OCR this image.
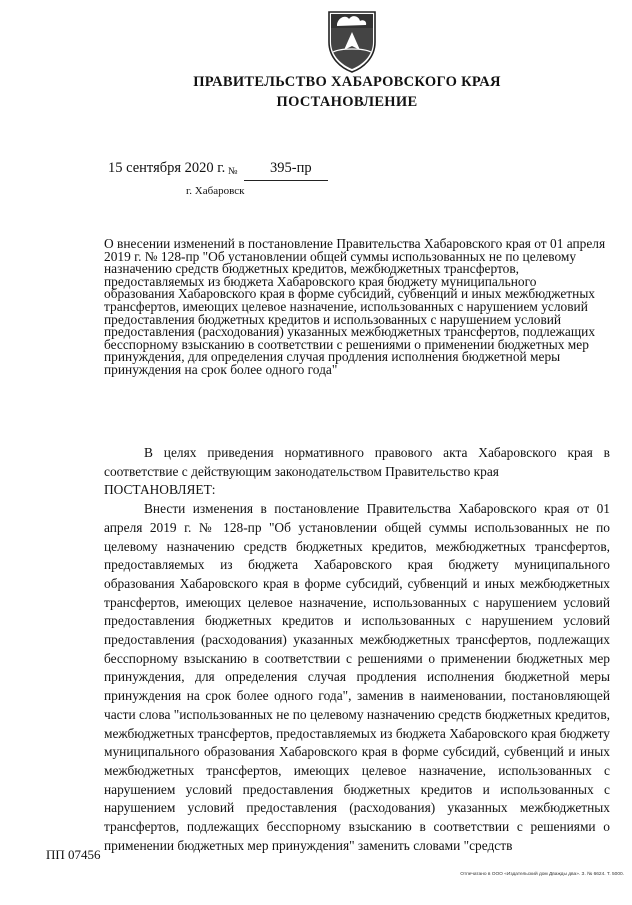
ПРАВИТЕЛЬСТВО ХАБАРОВСКОГО КРАЯ
ПОСТАНОВЛЕНИЕ
15 сентября 2020 г. № 395-пр
г. Хабаровск
О внесении изменений в постановление Правительства Хабаровского края от 01 апреля 2019 г. № 128-пр "Об установлении общей суммы использованных не по целевому назначению средств бюджетных кредитов, межбюджетных трансфертов, предоставляемых из бюджета Хабаровского края бюджету муниципального образования Хабаровского края в форме субсидий, субвенций и иных межбюджетных трансфертов, имеющих целевое назначение, использованных с нарушением условий предоставления бюджетных кредитов и использованных с нарушением условий предоставления (расходования) указанных межбюджетных трансфертов, подлежащих бесспорному взысканию в соответствии с решениями о применении бюджетных мер принуждения, для определения случая продления исполнения бюджетной меры принуждения на срок более одного года"

В целях приведения нормативного правового акта Хабаровского края в соответствие с действующим законодательством Правительство края

ПОСТАНОВЛЯЕТ:

Внести изменения в постановление Правительства Хабаровского края от 01 апреля 2019 г. № 128-пр "Об установлении общей суммы использованных не по целевому назначению средств бюджетных кредитов, межбюджетных трансфертов, предоставляемых из бюджета Хабаровского края бюджету муниципального образования Хабаровского края в форме субсидий, субвенций и иных межбюджетных трансфертов, имеющих целевое назначение, использованных с нарушением условий предоставления бюджетных кредитов и использованных с нарушением условий предоставления (расходования) указанных межбюджетных трансфертов, подлежащих бесспорному взысканию в соответствии с решениями о применении бюджетных мер принуждения, для определения случая продления исполнения бюджетной меры принуждения на срок более одного года", заменив в наименовании, постановляющей части слова "использованных не по целевому назначению средств бюджетных кредитов, межбюджетных трансфертов, предоставляемых из бюджета Хабаровского края бюджету муниципального образования Хабаровского края в форме субсидий, субвенций и иных межбюджетных трансфертов, имеющих целевое назначение, использованных с нарушением условий предоставления бюджетных кредитов и использованных с нарушением условий предоставления (расходования) указанных межбюджетных трансфертов, подлежащих бесспорному взысканию в соответствии с решениями о применении бюджетных мер принуждения" заменить словами "средств

ПП 07456
Отпечатано в ООО «Издательский дом Дважды два». З. № 6624. Т. 5000.
